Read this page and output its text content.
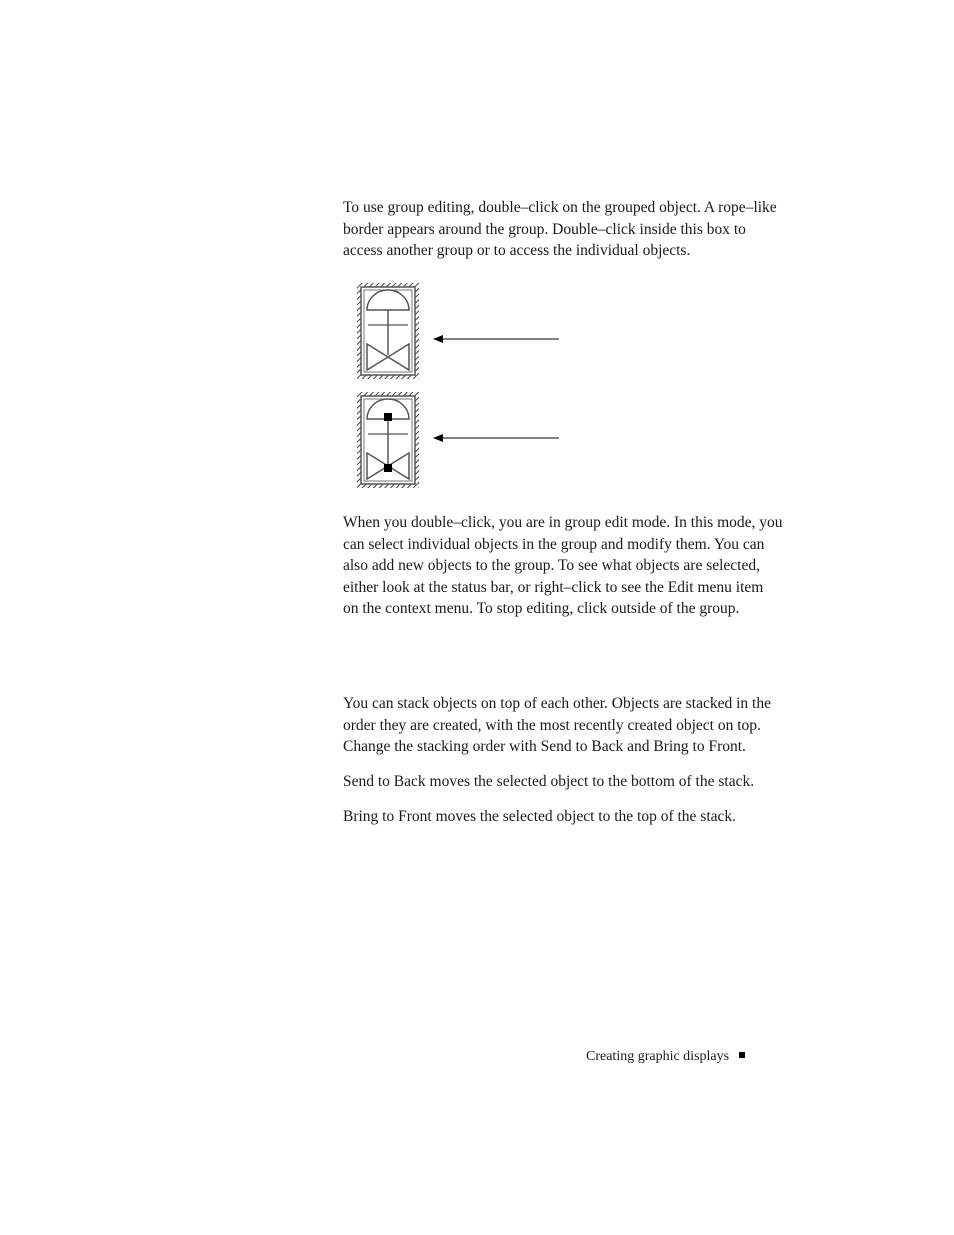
To use group editing, double–click on the grouped object. A rope–like
border appears around the group. Double–click inside this box to
access another group or to access the individual objects.

When you double–click, you are in group edit mode. In this mode, you
can select individual objects in the group and modify them. You can
also add new objects to the group. To see what objects are selected,
either look at the status bar, or right–click to see the Edit menu item
on the context menu. To stop editing, click outside of the group.

You can stack objects on top of each other. Objects are stacked in the
order they are created, with the most recently created object on top.
Change the stacking order with Send to Back and Bring to Front.

Send to Back moves the selected object to the bottom of the stack.

Bring to Front moves the selected object to the top of the stack.

Creating graphic displays
